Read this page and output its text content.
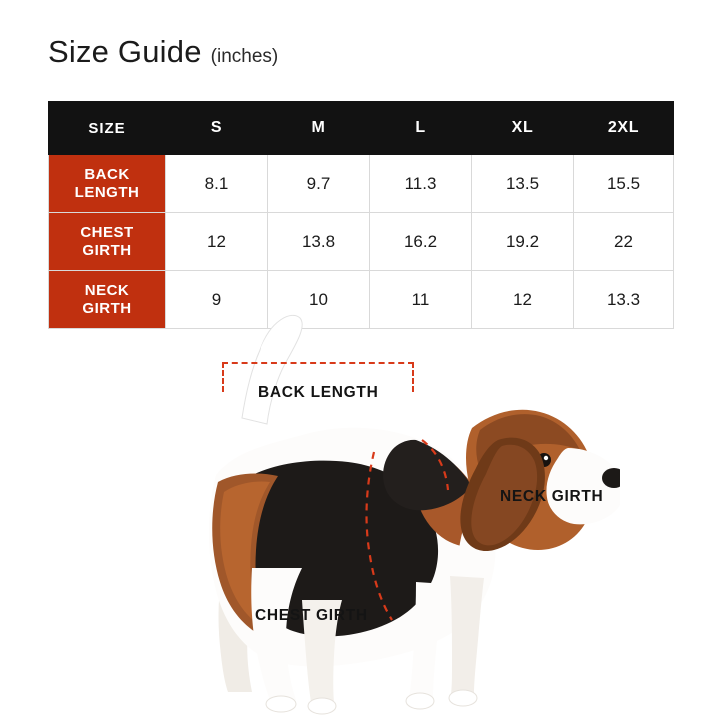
Size Guide (inches)
SIZE	S	M	L	XL	2XL

BACK
LENGTH	8.1	9.7	11.3	13.5	15.5

CHEST
GIRTH	12	13.8	16.2	19.2	22

NECK
GIRTH	9	10	11	12	13.3
BACK LENGTH
NECK GIRTH
CHEST GIRTH
